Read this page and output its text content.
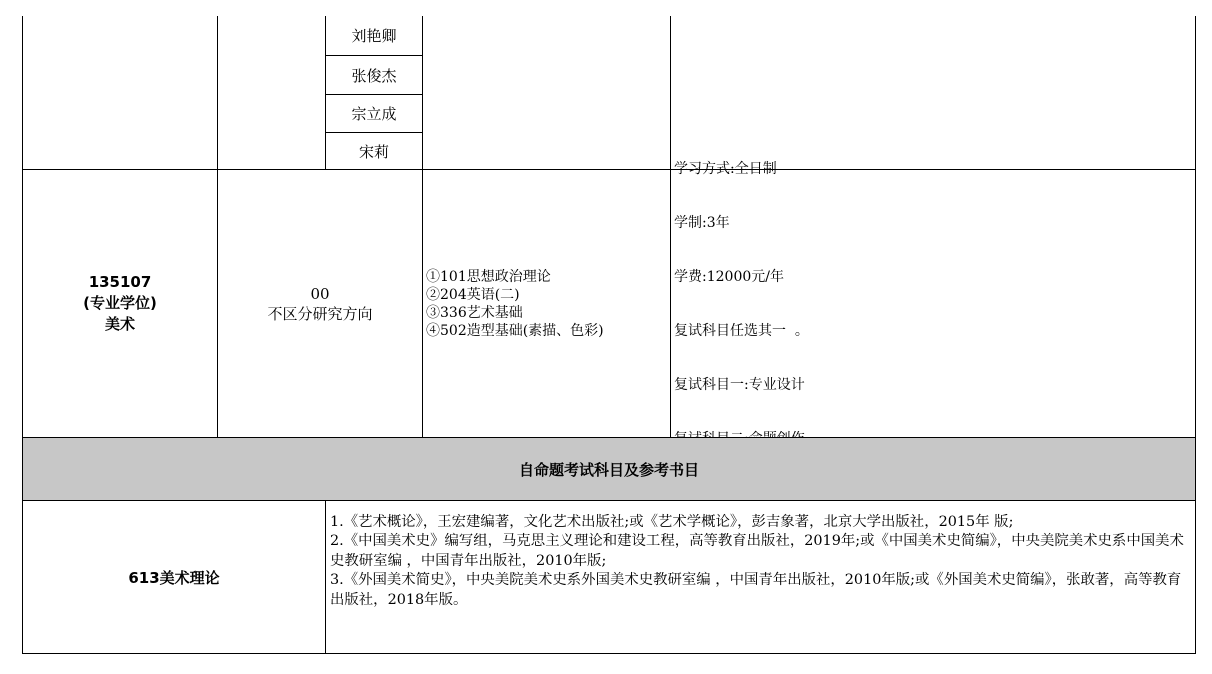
刘艳卿
张俊杰
宗立成
宋莉
135107
(专业学位)
美术
00
不区分研究方向
①101思想政治理论
②204英语(二)
③336艺术基础
④502造型基础(素描、色彩)

学习方式:全日制

学制:3年

学费:12000元/年

复试科目任选其一  。

复试科目一:专业设计

自命题考试科目及参考书目
613美术理论
1.《艺术概论》，王宏建编著，文化艺术出版社;或《艺术学概论》，彭吉象著，北京大学出版社，2015年 版;
2.《中国美术史》编写组，马克思主义理论和建设工程，高等教育出版社，2019年;或《中国美术史简编》，中央美院美术史系中国美术史教研室编 ，中国青年出版社，2010年版;
3.《外国美术简史》，中央美院美术史系外国美术史教研室编 ，中国青年出版社，2010年版;或《外国美术史简编》，张敢著，高等教育出版社，2018年版。
